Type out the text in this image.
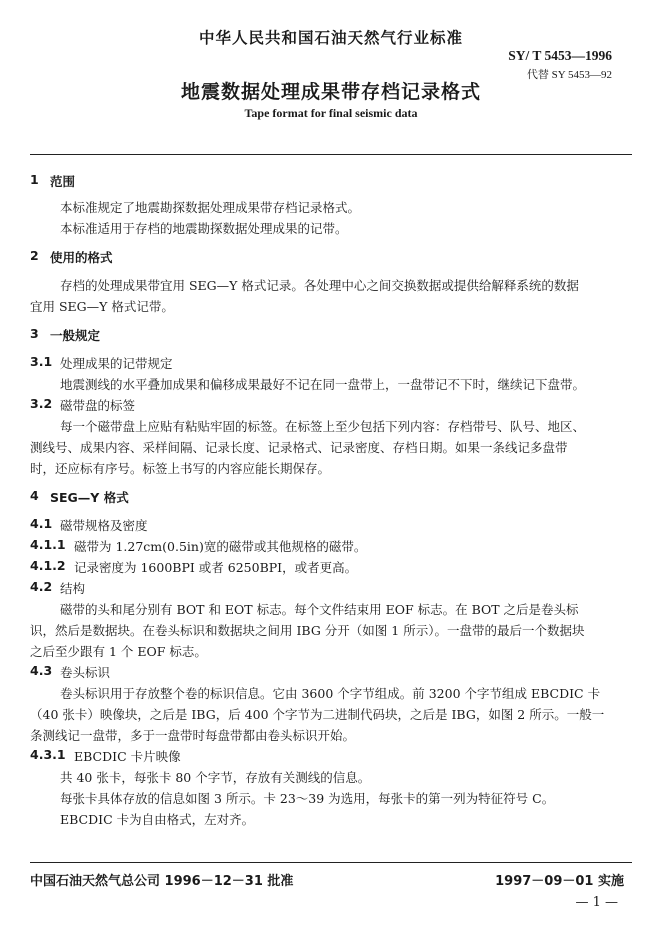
中华人民共和国石油天然气行业标准
SY/ T 5453—1996
代替 SY 5453—92
地震数据处理成果带存档记录格式
Tape format for final seismic data
1 范围
本标准规定了地震勘探数据处理成果带存档记录格式。
本标准适用于存档的地震勘探数据处理成果的记带。
2 使用的格式
存档的处理成果带宜用 SEG—Y 格式记录。各处理中心之间交换数据或提供给解释系统的数据
宜用 SEG—Y 格式记带。
3 一般规定
3.1 处理成果的记带规定
地震测线的水平叠加成果和偏移成果最好不记在同一盘带上，一盘带记不下时，继续记下盘带。
3.2 磁带盘的标签
每一个磁带盘上应贴有粘贴牢固的标签。在标签上至少包括下列内容：存档带号、队号、地区、
测线号、成果内容、采样间隔、记录长度、记录格式、记录密度、存档日期。如果一条线记多盘带
时，还应标有序号。标签上书写的内容应能长期保存。
4 SEG—Y 格式
4.1 磁带规格及密度
4.1.1 磁带为 1.27cm(0.5in)宽的磁带或其他规格的磁带。
4.1.2 记录密度为 1600BPI 或者 6250BPI，或者更高。
4.2 结构
磁带的头和尾分别有 BOT 和 EOT 标志。每个文件结束用 EOF 标志。在 BOT 之后是卷头标
识，然后是数据块。在卷头标识和数据块之间用 IBG 分开（如图 1 所示）。一盘带的最后一个数据块
之后至少跟有 1 个 EOF 标志。
4.3 卷头标识
卷头标识用于存放整个卷的标识信息。它由 3600 个字节组成。前 3200 个字节组成 EBCDIC 卡
（40 张卡）映像块，之后是 IBG，后 400 个字节为二进制代码块，之后是 IBG，如图 2 所示。一般一
条测线记一盘带，多于一盘带时每盘带都由卷头标识开始。
4.3.1 EBCDIC 卡片映像
共 40 张卡，每张卡 80 个字节，存放有关测线的信息。
每张卡具体存放的信息如图 3 所示。卡 23～39 为选用，每张卡的第一列为特征符号 C。
EBCDIC 卡为自由格式，左对齐。
中国石油天然气总公司 1996－12－31 批准	1997－09－01 实施
— 1 —
